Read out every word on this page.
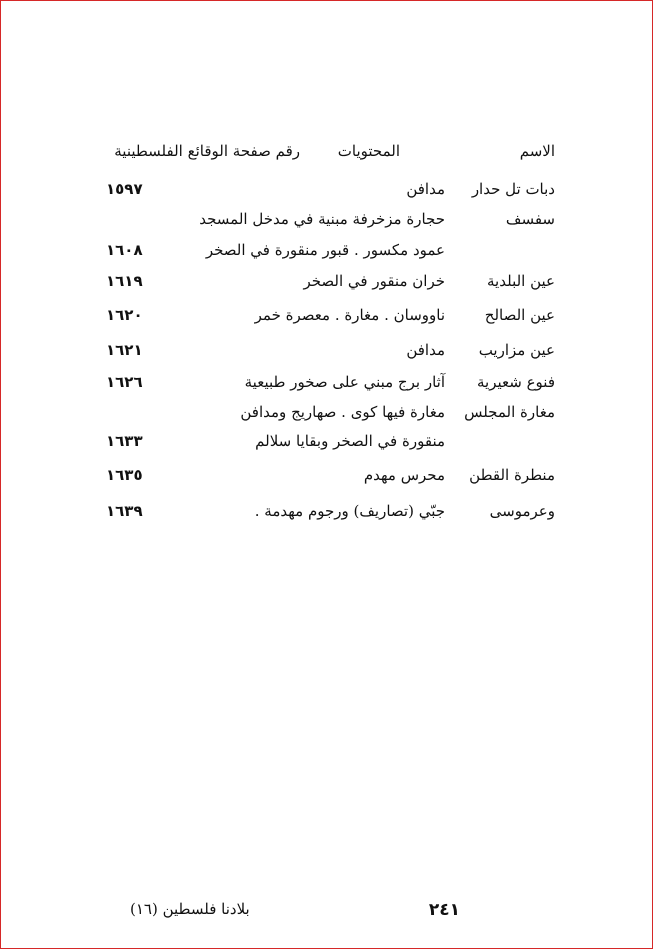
الاسم
المحتويات
رقم صفحة الوقائع الفلسطينية
دبات تل حدار
مدافن
١٥٩٧
سفسف
حجارة مزخرفة مبنية في مدخل المسجد
عمود مكسور . قبور منقورة في الصخر
١٦٠٨
عين البلدية
خران منقور في الصخر
١٦١٩
عين الصالح
ناووسان . مغارة . معصرة خمر
١٦٢٠
عين مزاريب
مدافن
١٦٢١
فنوع شعيرية
آثار برج مبني على صخور طبيعية
١٦٢٦
مغارة المجلس
مغارة فيها كوى . صهاريج ومدافن
منقورة في الصخر وبقايا سلالم
١٦٣٣
منطرة القطن
محرس مهدم
١٦٣٥
وعرموسى
جبّي (تصاريف) ورجوم مهدمة .
١٦٣٩
بلادنا فلسطين (١٦)	٢٤١
